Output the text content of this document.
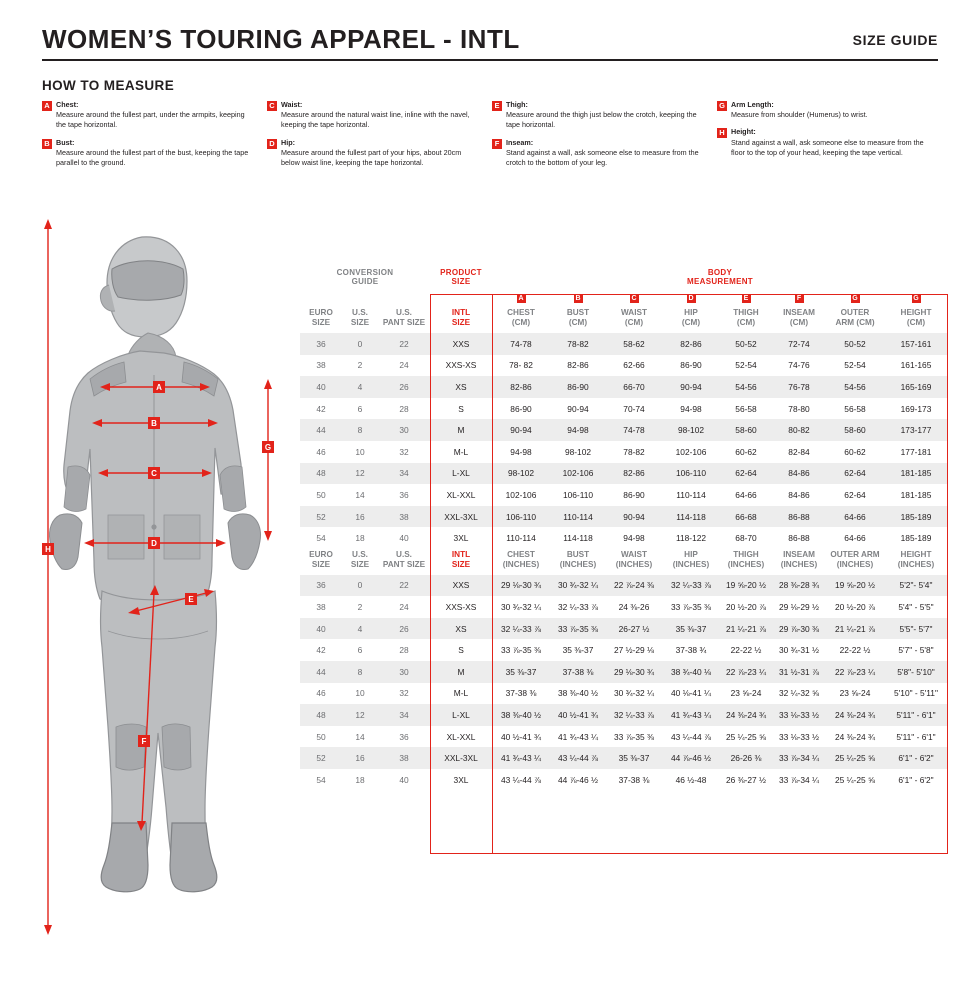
WOMEN’S TOURING APPAREL - INTL	SIZE GUIDE
HOW TO MEASURE
A Chest:
Measure around the fullest part, under the armpits, keeping the tape horizontal.
B Bust:
Measure around the fullest part of the bust, keeping the tape parallel to the ground.
C Waist:
Measure around the natural waist line, inline with the navel, keeping the tape horizontal.
D Hip:
Measure around the fullest part of your hips, about 20cm below waist line, keeping the tape horizontal.
E Thigh:
Measure around the thigh just below the crotch, keeping the tape horizontal.
F Inseam:
Stand against a wall, ask someone else to measure from the crotch to the bottom of your leg.
G Arm Length:
Measure from shoulder (Humerus) to wrist.
H Height:
Stand against a wall, ask someone else to measure from the floor to the top of your head, keeping the tape vertical.
A
B
C
D
E
F
G
H
CONVERSION
GUIDE

PRODUCT
SIZE

BODY
MEASUREMENT

				A	B	C	D	E	F	G	G

EURO
SIZE

U.S.
SIZE

U.S.
PANT SIZE

INTL
SIZE

CHEST
(CM)

BUST
(CM)

WAIST
(CM)

HIP
(CM)

THIGH
(CM)

INSEAM
(CM)

OUTER
ARM (CM)

HEIGHT
(CM)

36	0	22	XXS	74-78	78-82	58-62	82-86	50-52	72-74	50-52	157-161
38	2	24	XXS-XS	78- 82	82-86	62-66	86-90	52-54	74-76	52-54	161-165
40	4	26	XS	82-86	86-90	66-70	90-94	54-56	76-78	54-56	165-169
42	6	28	S	86-90	90-94	70-74	94-98	56-58	78-80	56-58	169-173
44	8	30	M	90-94	94-98	74-78	98-102	58-60	80-82	58-60	173-177
46	10	32	M-L	94-98	98-102	78-82	102-106	60-62	82-84	60-62	177-181
48	12	34	L-XL	98-102	102-106	82-86	106-110	62-64	84-86	62-64	181-185
50	14	36	XL-XXL	102-106	106-110	86-90	110-114	64-66	84-86	62-64	181-185
52	16	38	XXL-3XL	106-110	110-114	90-94	114-118	66-68	86-88	64-66	185-189
54	18	40	3XL	110-114	114-118	94-98	118-122	68-70	86-88	64-66	185-189

EURO
SIZE

U.S.
SIZE

U.S.
PANT SIZE

INTL
SIZE

CHEST
(INCHES)

BUST
(INCHES)

WAIST
(INCHES)

HIP
(INCHES)

THIGH
(INCHES)

INSEAM
(INCHES)

OUTER ARM
(INCHES)

HEIGHT
(INCHES)

36	0	22	XXS	29 ⅛-30 ¾	30 ¾-32 ¼	22 ⅞-24 ⅜	32 ¼-33 ⅞	19 ⅝-20 ½	28 ⅜-28 ¾	19 ⅝-20 ½	5'2"- 5'4"
38	2	24	XXS-XS	30 ¾-32 ¼	32 ¼-33 ⅞	24 ⅜-26	33 ⅞-35 ⅜	20 ½-20 ⅞	29 ⅛-29 ½	20 ½-20 ⅞	5'4" - 5'5"
40	4	26	XS	32 ¼-33 ⅞	33 ⅞-35 ⅜	26-27 ½	35 ⅜-37	21 ¼-21 ⅞	29 ⅞-30 ⅜	21 ¼-21 ⅞	5'5"- 5'7"
42	6	28	S	33 ⅞-35 ⅜	35 ⅜-37	27 ½-29 ⅛	37-38 ¾	22-22 ½	30 ¾-31 ½	22-22 ½	5'7" - 5'8"
44	8	30	M	35 ⅜-37	37-38 ⅜	29 ⅛-30 ¾	38 ¾-40 ⅛	22 ⅞-23 ¼	31 ½-31 ⅞	22 ⅞-23 ¼	5'8"- 5'10"
46	10	32	M-L	37-38 ⅜	38 ⅜-40 ½	30 ¾-32 ¼	40 ⅛-41 ¼	23 ⅝-24	32 ¼-32 ⅝	23 ⅝-24	5'10" - 5'11"
48	12	34	L-XL	38 ⅜-40 ½	40 ½-41 ¾	32 ¼-33 ⅞	41 ¾-43 ¼	24 ⅜-24 ¾	33 ⅛-33 ½	24 ⅜-24 ¾	5'11" - 6'1"
50	14	36	XL-XXL	40 ½-41 ¾	41 ¾-43 ¼	33 ⅞-35 ⅜	43 ¼-44 ⅞	25 ¼-25 ⅝	33 ⅛-33 ½	24 ⅜-24 ¾	5'11" - 6'1"
52	16	38	XXL-3XL	41 ¾-43 ¼	43 ¼-44 ⅞	35 ⅜-37	44 ⅞-46 ½	26-26 ⅜	33 ⅞-34 ¼	25 ¼-25 ⅝	6'1" - 6'2"
54	18	40	3XL	43 ¼-44 ⅞	44 ⅞-46 ½	37-38 ⅜	46 ½-48	26 ⅜-27 ½	33 ⅞-34 ¼	25 ¼-25 ⅝	6'1" - 6'2"
